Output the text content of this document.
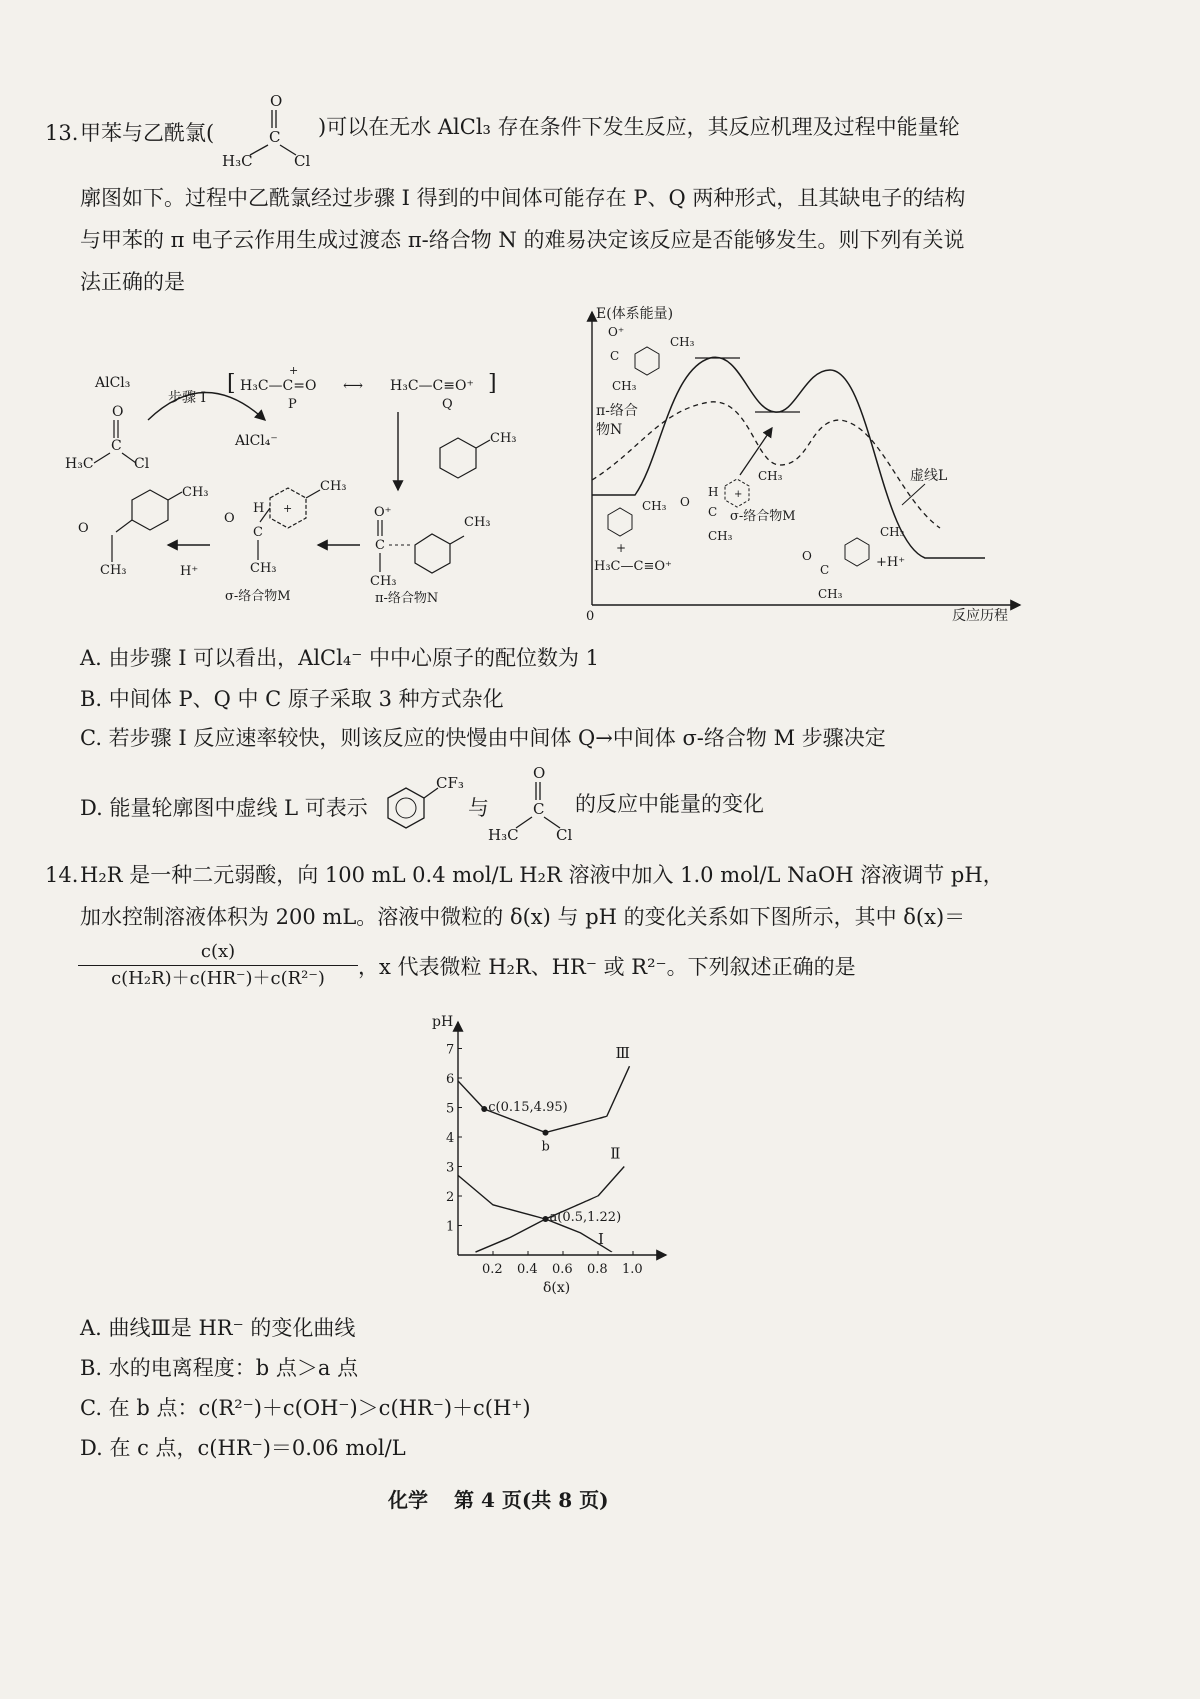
13. 甲苯与乙酰氯(
O
C
H₃C	Cl
)可以在无水 AlCl₃ 存在条件下发生反应，其反应机理及过程中能量轮
廓图如下。过程中乙酰氯经过步骤 Ⅰ 得到的中间体可能存在 P、Q 两种形式，且其缺电子的结构
与甲苯的 π 电子云作用生成过渡态 π-络合物 N 的难易决定该反应是否能够发生。则下列有关说
法正确的是
AlCl₃
O
C
H₃C	Cl
步骤 Ⅰ
AlCl₄⁻
[ H₃C—C=O
+
P
⟷ H₃C—C≡O⁺
Q
]
CH₃
O⁺
C
CH₃
CH₃
π-络合物N
+
CH₃
H
O
C
CH₃
σ-络合物M
H⁺
CH₃
O
CH₃
E(体系能量)
反应历程
0
虚线L
O⁺
C
CH₃
CH₃
π-络合
物N
+
CH₃
H
O
C
CH₃
σ-络合物M
CH₃
+
H₃C—C≡O⁺
CH₃
O
C
CH₃
+H⁺
A. 由步骤 Ⅰ 可以看出，AlCl₄⁻ 中中心原子的配位数为 1
B. 中间体 P、Q 中 C 原子采取 3 种方式杂化
C. 若步骤 Ⅰ 反应速率较快，则该反应的快慢由中间体 Q→中间体 σ-络合物 M 步骤决定
D. 能量轮廓图中虚线 L 可表示
CF₃
与
O
C
H₃C Cl
的反应中能量的变化
14. H₂R 是一种二元弱酸，向 100 mL 0.4 mol/L H₂R 溶液中加入 1.0 mol/L NaOH 溶液调节 pH，
加水控制溶液体积为 200 mL。溶液中微粒的 δ(x) 与 pH 的变化关系如下图所示，其中 δ(x)＝
c(x)
c(H₂R)＋c(HR⁻)＋c(R²⁻)	，x 代表微粒 H₂R、HR⁻ 或 R²⁻。下列叙述正确的是
pH
δ(x)
1
2
3
4
5
6
7
0.2 0.4 0.6 0.8 1.0
Ⅰ
Ⅱ
Ⅲ
c(0.15,4.95)
b
a(0.5,1.22)
A. 曲线Ⅲ是 HR⁻ 的变化曲线
B. 水的电离程度：b 点＞a 点
C. 在 b 点：c(R²⁻)＋c(OH⁻)＞c(HR⁻)＋c(H⁺)
D. 在 c 点，c(HR⁻)＝0.06 mol/L
化学 第 4 页(共 8 页)
